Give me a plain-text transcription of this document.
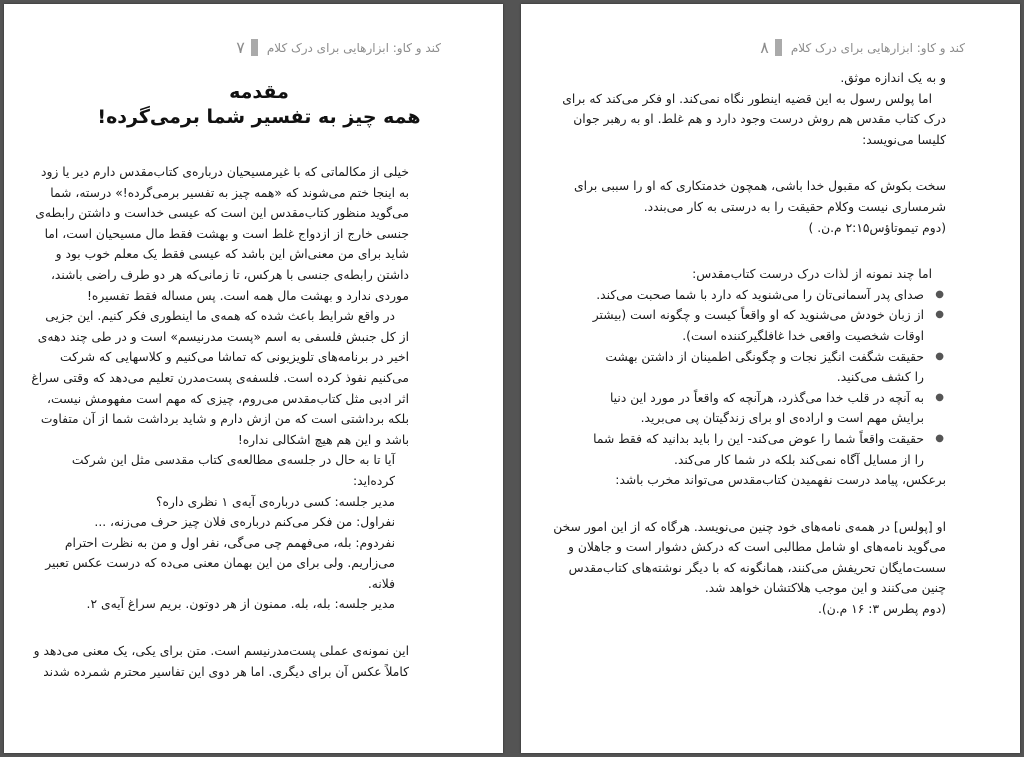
کند و کاو: ابزارهایی برای درک کلام
۷
مقدمه
همه چیز به تفسیر شما برمی‌گرده!
خیلی از مکالماتی که با غیرمسیحیان درباره‌ی کتاب‌مقدس دارم دیر یا زود
به اینجا ختم می‌شوند که «همه چیز به تفسیر برمی‌گرده!» درسته، شما
می‌گوید منظور کتاب‌مقدس این است که عیسی خداست و داشتن رابطه‌ی
جنسی خارج از ازدواج غلط است و بهشت فقط مال مسیحیان است، اما
شاید برای من معنی‌اش این باشد که عیسی فقط یک معلم خوب بود و
داشتن رابطه‌ی جنسی با هرکس، تا زمانی‌که هر دو طرف راضی باشند،
موردی ندارد و بهشت مال همه است. پس مساله فقط تفسیره!
در واقع شرایط باعث شده که همه‌ی ما اینطوری فکر کنیم. این جزیی
از کل جنبش فلسفی به اسم «پست مدرنیسم» است و در طی چند دهه‌ی
اخیر در برنامه‌های تلویزیونی که تماشا می‌کنیم و کلاسهایی که شرکت
می‌کنیم نفوذ کرده است. فلسفه‌ی پست‌مدرن تعلیم می‌دهد که وقتی سراغ
اثر ادبی مثل کتاب‌مقدس می‌روم، چیزی که مهم است مفهومش نیست،
بلکه برداشتی است که من ازش دارم و شاید برداشت شما از آن متفاوت
باشد و این هم هیچ اشکالی نداره!
آیا تا به حال در جلسه‌ی مطالعه‌ی کتاب مقدسی مثل این شرکت
کرده‌اید:
مدیر جلسه: کسی درباره‌ی آیه‌ی ۱ نظری داره؟
نفراول: من فکر می‌کنم درباره‌ی فلان چیز حرف می‌زنه، ...
نفردوم: بله، می‌فهمم چی می‌گی، نفر اول و من به نظرت احترام
می‌زاریم. ولی برای من این بهمان معنی می‌ده که درست عکس تعبیر
فلانه.
مدیر جلسه: بله، بله. ممنون از هر دوتون. بریم سراغ آیه‌ی ۲.
این نمونه‌ی عملی پست‌مدرنیسم است. متن برای یکی، یک معنی می‌دهد و
کاملاً عکس آن برای دیگری. اما هر دوی این تفاسیر محترم شمرده شدند
کند و کاو: ابزارهایی برای درک کلام
۸
و به یک اندازه موثق.
اما پولس رسول به این قضیه اینطور نگاه نمی‌کند. او فکر می‌کند که برای
درک کتاب مقدس هم روش درست وجود دارد و هم غلط. او به رهبر جوان
کلیسا می‌نویسد:
سخت بکوش که مقبول خدا باشی، همچون خدمتکاری که او را سببی برای
شرمساری نیست وکلام حقیقت را به درستی به کار می‌بندد.
(دوم تیموتاؤس۲:۱۵ م.ن. )
اما چند نمونه از لذات درک درست کتاب‌مقدس:
●
صدای پدر آسمانی‌تان را می‌شنوید که دارد با شما صحبت می‌کند.
●
از زبان خودش می‌شنوید که او واقعاً کیست و چگونه است (بیشتر
اوقات شخصیت واقعی خدا غافلگیرکننده است).
●
حقیقت شگفت انگیز نجات و چگونگی اطمینان از داشتن بهشت
را کشف می‌کنید.
●
به آنچه در قلب خدا می‌گذرد، هرآنچه که واقعاً در مورد این دنیا
برایش مهم است و اراده‌ی او برای زندگیتان پی می‌برید.
●
حقیقت واقعاً شما را عوض می‌کند- این را باید بدانید که فقط شما
را از مسایل آگاه نمی‌کند بلکه در شما کار می‌کند.
برعکس، پیامد درست نفهمیدن کتاب‌مقدس می‌تواند مخرب باشد:
او [پولس] در همه‌ی نامه‌های خود چنین می‌نویسد. هرگاه که از این امور سخن
می‌گوید نامه‌های او شامل مطالبی است که درکش دشوار است و جاهلان و
سست‌مایگان تحریفش می‌کنند، همانگونه که با دیگر نوشته‌های کتاب‌مقدس
چنین می‌کنند و این موجب هلاکتشان خواهد شد.
(دوم پطرس ۳: ۱۶ م.ن).
